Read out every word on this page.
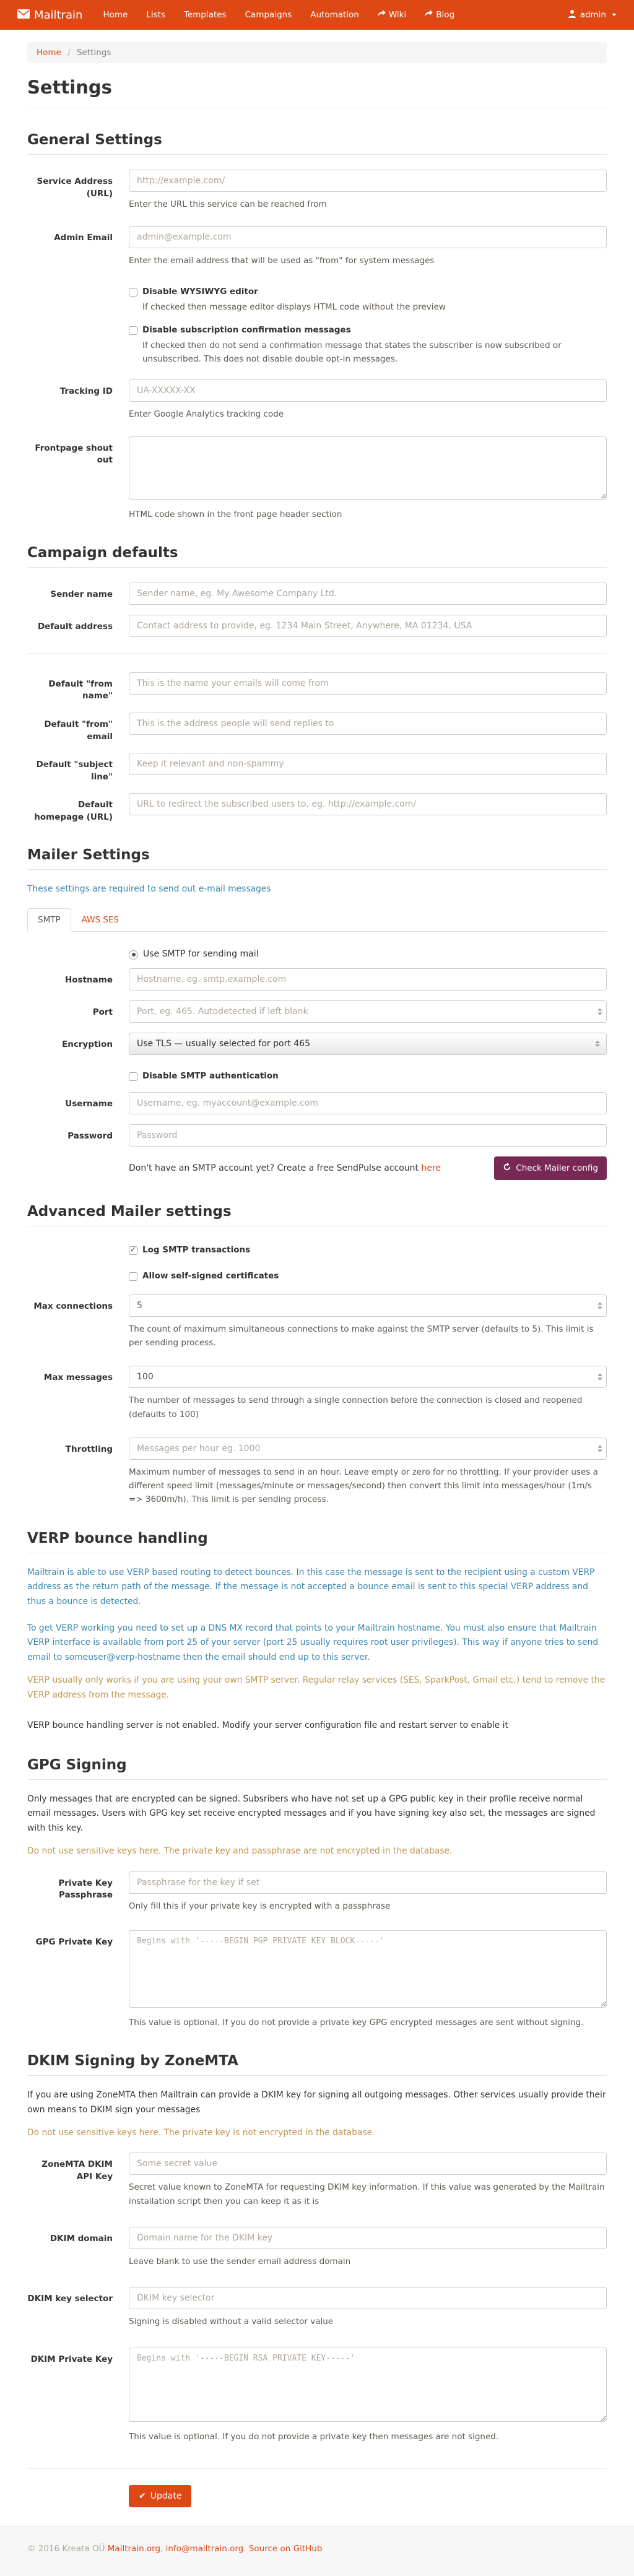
Mailtrain	Home	Lists	Templates	Campaigns	Automation	Wiki	Blog	admin
Home / Settings
Settings
General Settings
Service Address (URL)
http://example.com/
Enter the URL this service can be reached from
Admin Email
admin@example.com
Enter the email address that will be used as "from" for system messages
Disable WYSIWYG editor
If checked then message editor displays HTML code without the preview
Disable subscription confirmation messages
If checked then do not send a confirmation message that states the subscriber is now subscribed or unsubscribed. This does not disable double opt-in messages.
Tracking ID
UA-XXXXX-XX
Enter Google Analytics tracking code
Frontpage shout out
HTML code shown in the front page header section
Campaign defaults
Sender name
Sender name, eg. My Awesome Company Ltd.
Default address
Contact address to provide, eg. 1234 Main Street, Anywhere, MA 01234, USA
Default "from name"
This is the name your emails will come from
Default "from" email
This is the address people will send replies to
Default "subject line"
Keep it relevant and non-spammy
Default homepage (URL)
URL to redirect the subscribed users to, eg. http://example.com/
Mailer Settings
These settings are required to send out e-mail messages
SMTP	AWS SES
Use SMTP for sending mail
Hostname
Hostname, eg. smtp.example.com
Port
Port, eg. 465. Autodetected if left blank
Encryption	Use TLS — usually selected for port 465
Disable SMTP authentication
Username
Username, eg. myaccount@example.com
Password
Don't have an SMTP account yet? Create a free SendPulse account here	Check Mailer config
Advanced Mailer settings
✓
Log SMTP transactions
Allow self-signed certificates
Max connections
5
The count of maximum simultaneous connections to make against the SMTP server (defaults to 5). This limit is per sending process.
Max messages
100
The number of messages to send through a single connection before the connection is closed and reopened (defaults to 100)
Throttling
Messages per hour eg. 1000
Maximum number of messages to send in an hour. Leave empty or zero for no throttling. If your provider uses a different speed limit (messages/minute or messages/second) then convert this limit into messages/hour (1m/s => 3600m/h). This limit is per sending process.
VERP bounce handling
Mailtrain is able to use VERP based routing to detect bounces. In this case the message is sent to the recipient using a custom VERP address as the return path of the message. If the message is not accepted a bounce email is sent to this special VERP address and thus a bounce is detected.
To get VERP working you need to set up a DNS MX record that points to your Mailtrain hostname. You must also ensure that Mailtrain VERP interface is available from port 25 of your server (port 25 usually requires root user privileges). This way if anyone tries to send email to someuser@verp-hostname then the email should end up to this server.
VERP usually only works if you are using your own SMTP server. Regular relay services (SES, SparkPost, Gmail etc.) tend to remove the VERP address from the message.
VERP bounce handling server is not enabled. Modify your server configuration file and restart server to enable it
GPG Signing
Only messages that are encrypted can be signed. Subsribers who have not set up a GPG public key in their profile receive normal email messages. Users with GPG key set receive encrypted messages and if you have signing key also set, the messages are signed with this key.
Do not use sensitive keys here. The private key and passphrase are not encrypted in the database.
Private Key Passphrase
Passphrase for the key if set
Only fill this if your private key is encrypted with a passphrase
GPG Private Key
Begins with '-----BEGIN PGP PRIVATE KEY BLOCK-----'
This value is optional. If you do not provide a private key GPG encrypted messages are sent without signing.
DKIM Signing by ZoneMTA
If you are using ZoneMTA then Mailtrain can provide a DKIM key for signing all outgoing messages. Other services usually provide their own means to DKIM sign your messages
Do not use sensitive keys here. The private key is not encrypted in the database.
ZoneMTA DKIM API Key
Some secret value
Secret value known to ZoneMTA for requesting DKIM key information. If this value was generated by the Mailtrain installation script then you can keep it as it is
DKIM domain
Domain name for the DKIM key
Leave blank to use the sender email address domain
DKIM key selector
DKIM key selector
Signing is disabled without a valid selector value
DKIM Private Key
Begins with '-----BEGIN RSA PRIVATE KEY-----'
This value is optional. If you do not provide a private key then messages are not signed.
✔ Update
© 2016 Kreata OÜ Mailtrain.org, info@mailtrain.org. Source on GitHub
